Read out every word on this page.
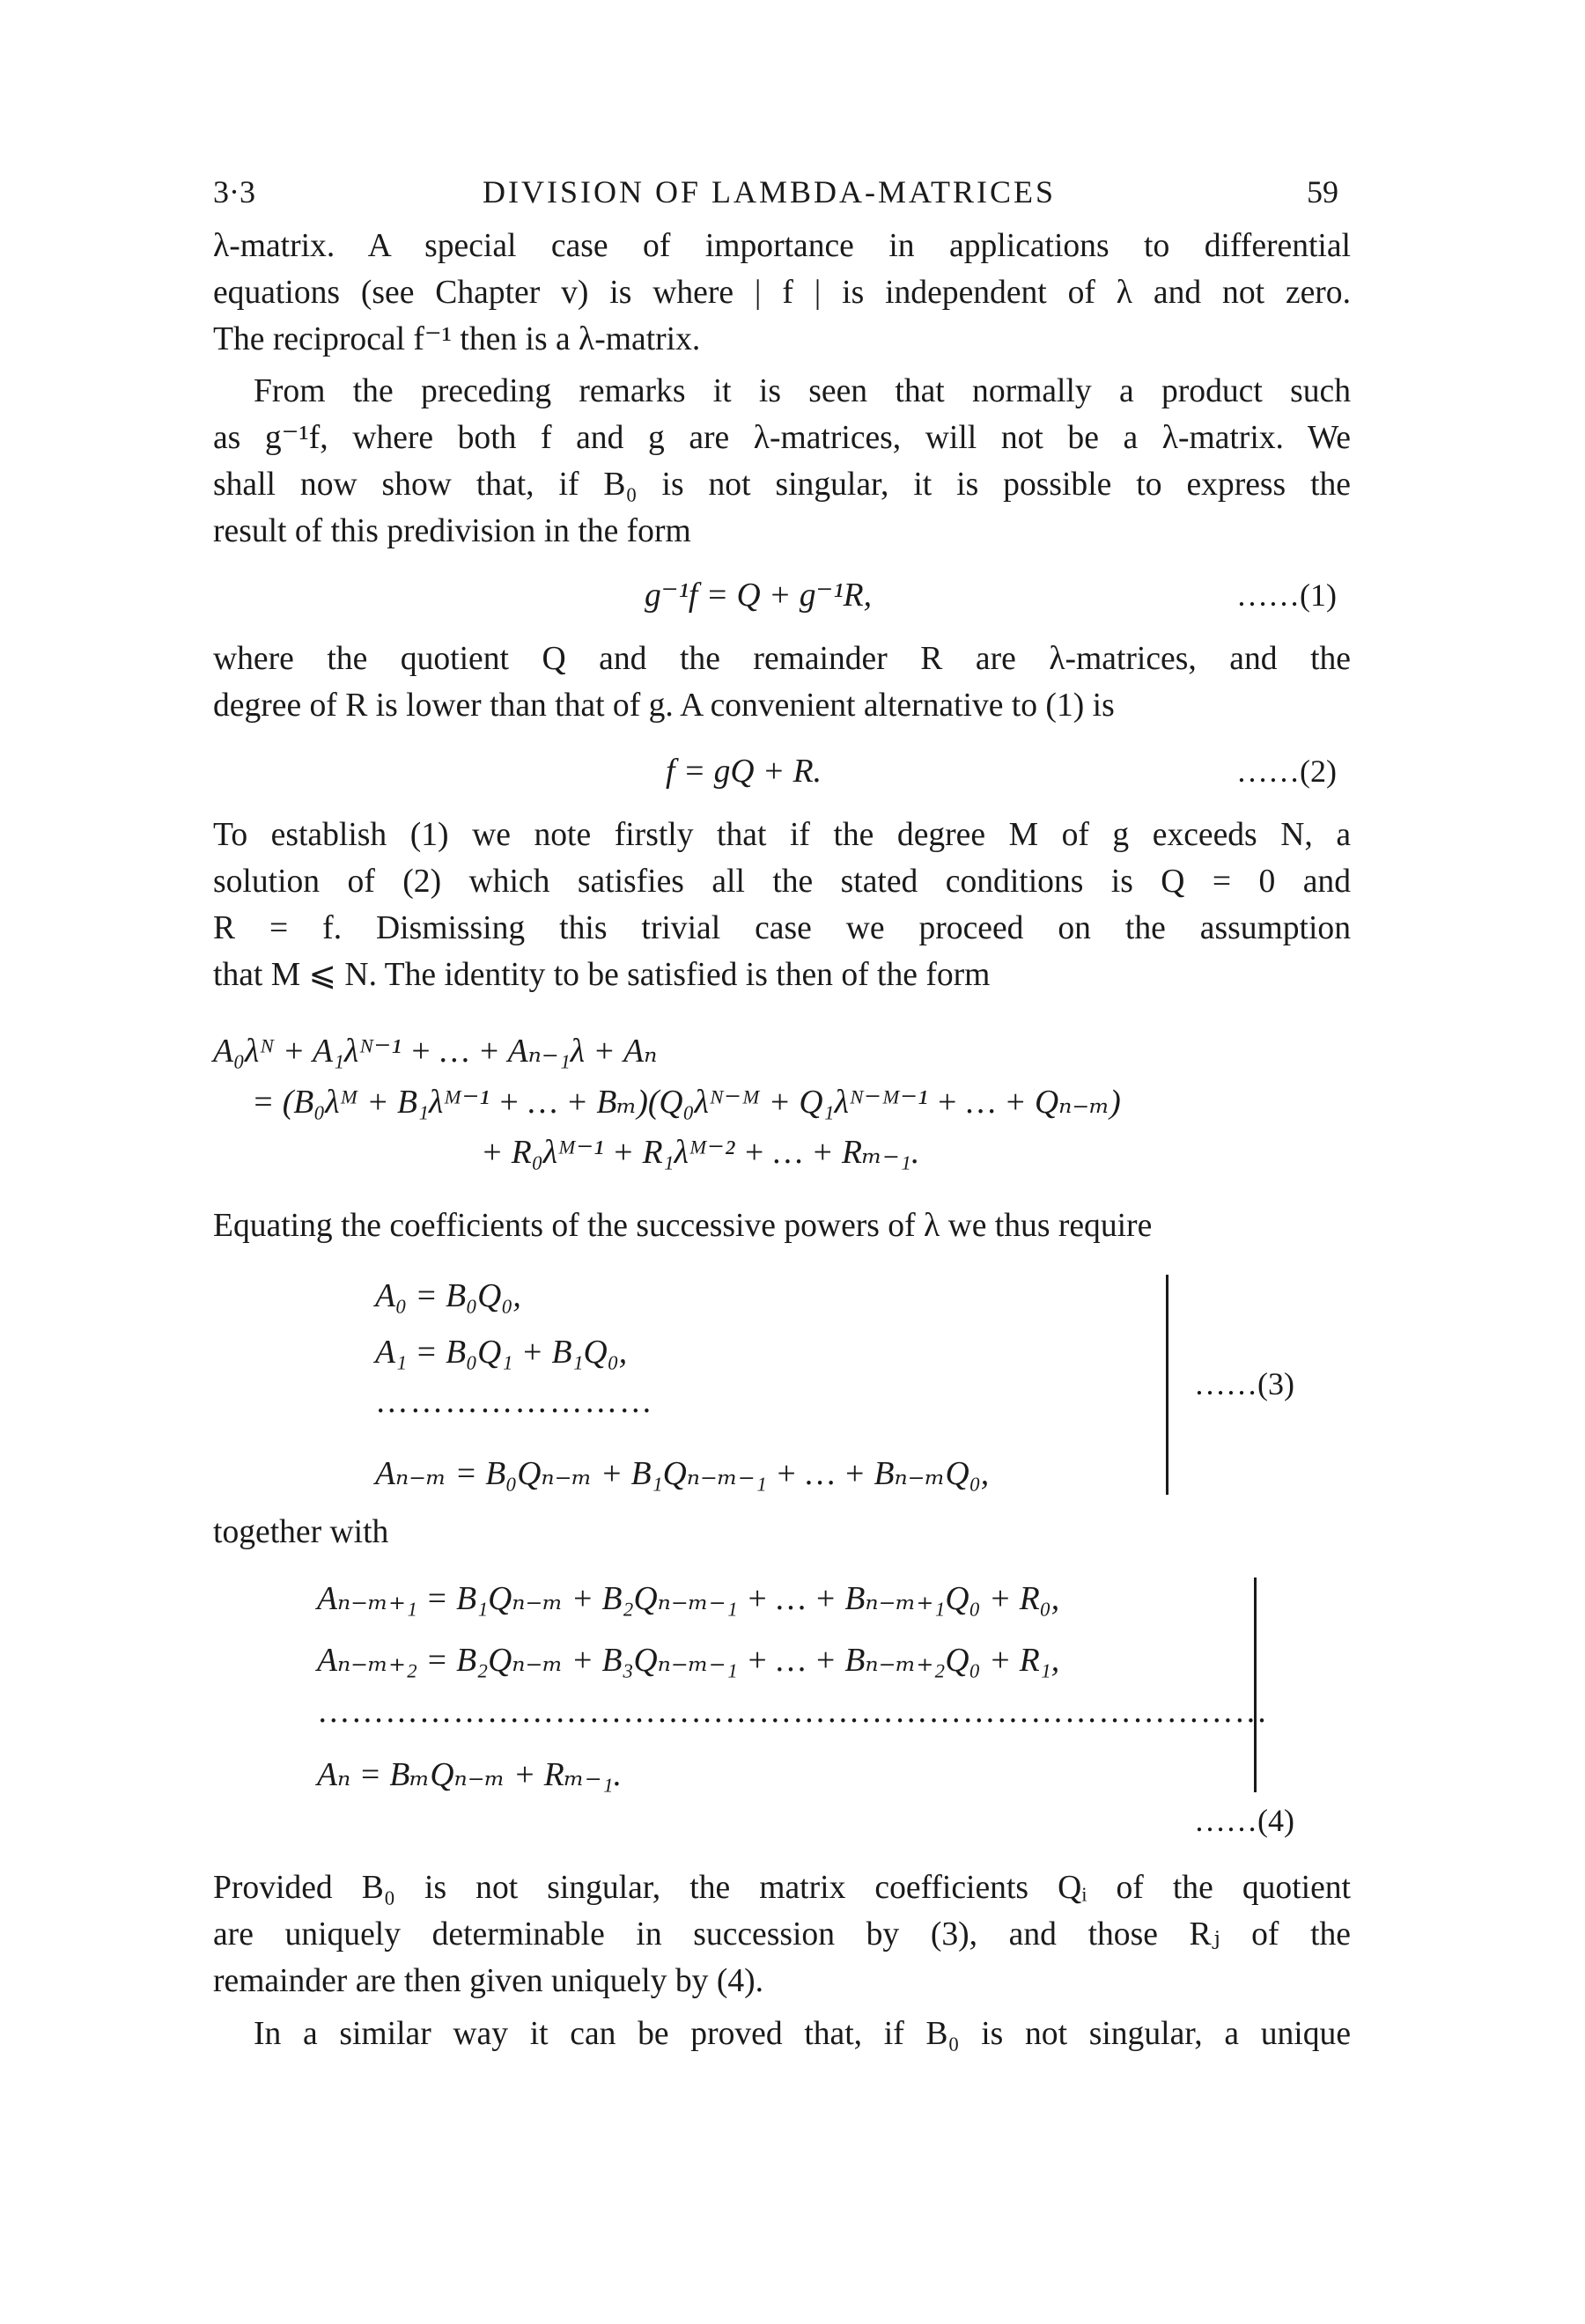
3·3	DIVISION OF LAMBDA-MATRICES	59

λ-matrix. A special case of importance in applications to differential

equations (see Chapter v) is where | f | is independent of λ and not zero.

The reciprocal f⁻¹ then is a λ-matrix.

From the preceding remarks it is seen that normally a product such

as g⁻¹f, where both f and g are λ-matrices, will not be a λ-matrix. We

shall now show that, if B₀ is not singular, it is possible to express the

result of this predivision in the form

g⁻¹f = Q + g⁻¹R,	……(1)

where the quotient Q and the remainder R are λ-matrices, and the

degree of R is lower than that of g. A convenient alternative to (1) is

f = gQ + R.	……(2)

To establish (1) we note firstly that if the degree M of g exceeds N, a

solution of (2) which satisfies all the stated conditions is Q = 0 and

R = f. Dismissing this trivial case we proceed on the assumption

that M ⩽ N. The identity to be satisfied is then of the form

A₀λᴺ + A₁λᴺ⁻¹ + … + Aₙ₋₁λ + Aₙ
= (B₀λᴹ + B₁λᴹ⁻¹ + … + Bₘ)(Q₀λᴺ⁻ᴹ + Q₁λᴺ⁻ᴹ⁻¹ + … + Qₙ₋ₘ)
+ R₀λᴹ⁻¹ + R₁λᴹ⁻² + … + Rₘ₋₁.

Equating the coefficients of the successive powers of λ we thus require

A₀ = B₀Q₀,
A₁ = B₀Q₁ + B₁Q₀,
……………………
Aₙ₋ₘ = B₀Qₙ₋ₘ + B₁Qₙ₋ₘ₋₁ + … + Bₙ₋ₘQ₀,
……(3)

together with

Aₙ₋ₘ₊₁ = B₁Qₙ₋ₘ + B₂Qₙ₋ₘ₋₁ + … + Bₙ₋ₘ₊₁Q₀ + R₀,
Aₙ₋ₘ₊₂ = B₂Qₙ₋ₘ + B₃Qₙ₋ₘ₋₁ + … + Bₙ₋ₘ₊₂Q₀ + R₁,
…………………………………………………………………………
Aₙ = BₘQₙ₋ₘ + Rₘ₋₁.
……(4)

Provided B₀ is not singular, the matrix coefficients Qᵢ of the quotient

are uniquely determinable in succession by (3), and those Rⱼ of the

remainder are then given uniquely by (4).

In a similar way it can be proved that, if B₀ is not singular, a unique
